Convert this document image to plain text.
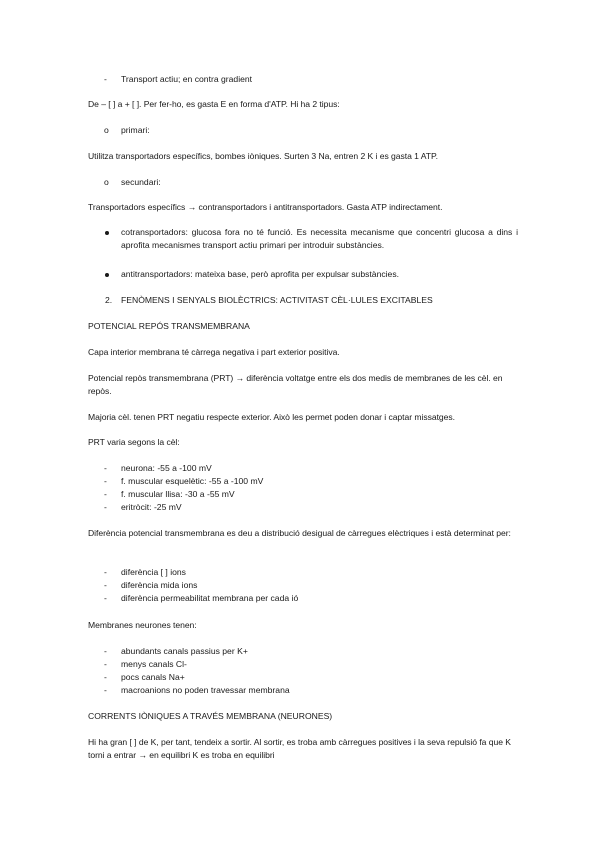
-	Transport actiu; en contra gradient
De – [ ] a + [ ]. Per fer-ho, es gasta E en forma d'ATP. Hi ha 2 tipus:
o primari:
Utilitza transportadors específics, bombes iòniques. Surten 3 Na, entren 2 K i es gasta 1 ATP.
o secundari:
Transportadors específics → contransportadors i antitransportadors. Gasta ATP indirectament.
cotransportadors: glucosa fora no té funció. Es necessita mecanisme que concentri glucosa a dins i aprofita mecanismes transport actiu primari per introduir substàncies.
antitransportadors: mateixa base, però aprofita per expulsar substàncies.
2. FENÒMENS I SENYALS BIOLÈCTRICS: ACTIVITAST CÈL·LULES EXCITABLES
POTENCIAL REPÓS TRANSMEMBRANA
Capa interior membrana té càrrega negativa i part exterior positiva.
Potencial repòs transmembrana (PRT) → diferència voltatge entre els dos medis de membranes de les cèl. en repòs.
Majoria cèl. tenen PRT negatiu respecte exterior. Això les permet poden donar i captar missatges.
PRT varia segons la cèl:
-	neurona: -55 a -100 mV
-	f. muscular esquelètic: -55 a -100 mV
-	f. muscular llisa: -30 a -55 mV
-	eritròcit: -25 mV
Diferència potencial transmembrana es deu a distribució desigual de càrregues elèctriques i està determinat per:
-	diferència [ ] ions
-	diferència mida ions
-	diferència permeabilitat membrana per cada ió
Membranes neurones tenen:
-	abundants canals passius per K+
-	menys canals Cl-
-	pocs canals Na+
-	macroanions no poden travessar membrana
CORRENTS IÒNIQUES A TRAVÉS MEMBRANA (NEURONES)
Hi ha gran [ ] de K, per tant, tendeix a sortir. Al sortir, es troba amb càrregues positives i la seva repulsió fa que K torni a entrar → en equilibri K es troba en equilibri
